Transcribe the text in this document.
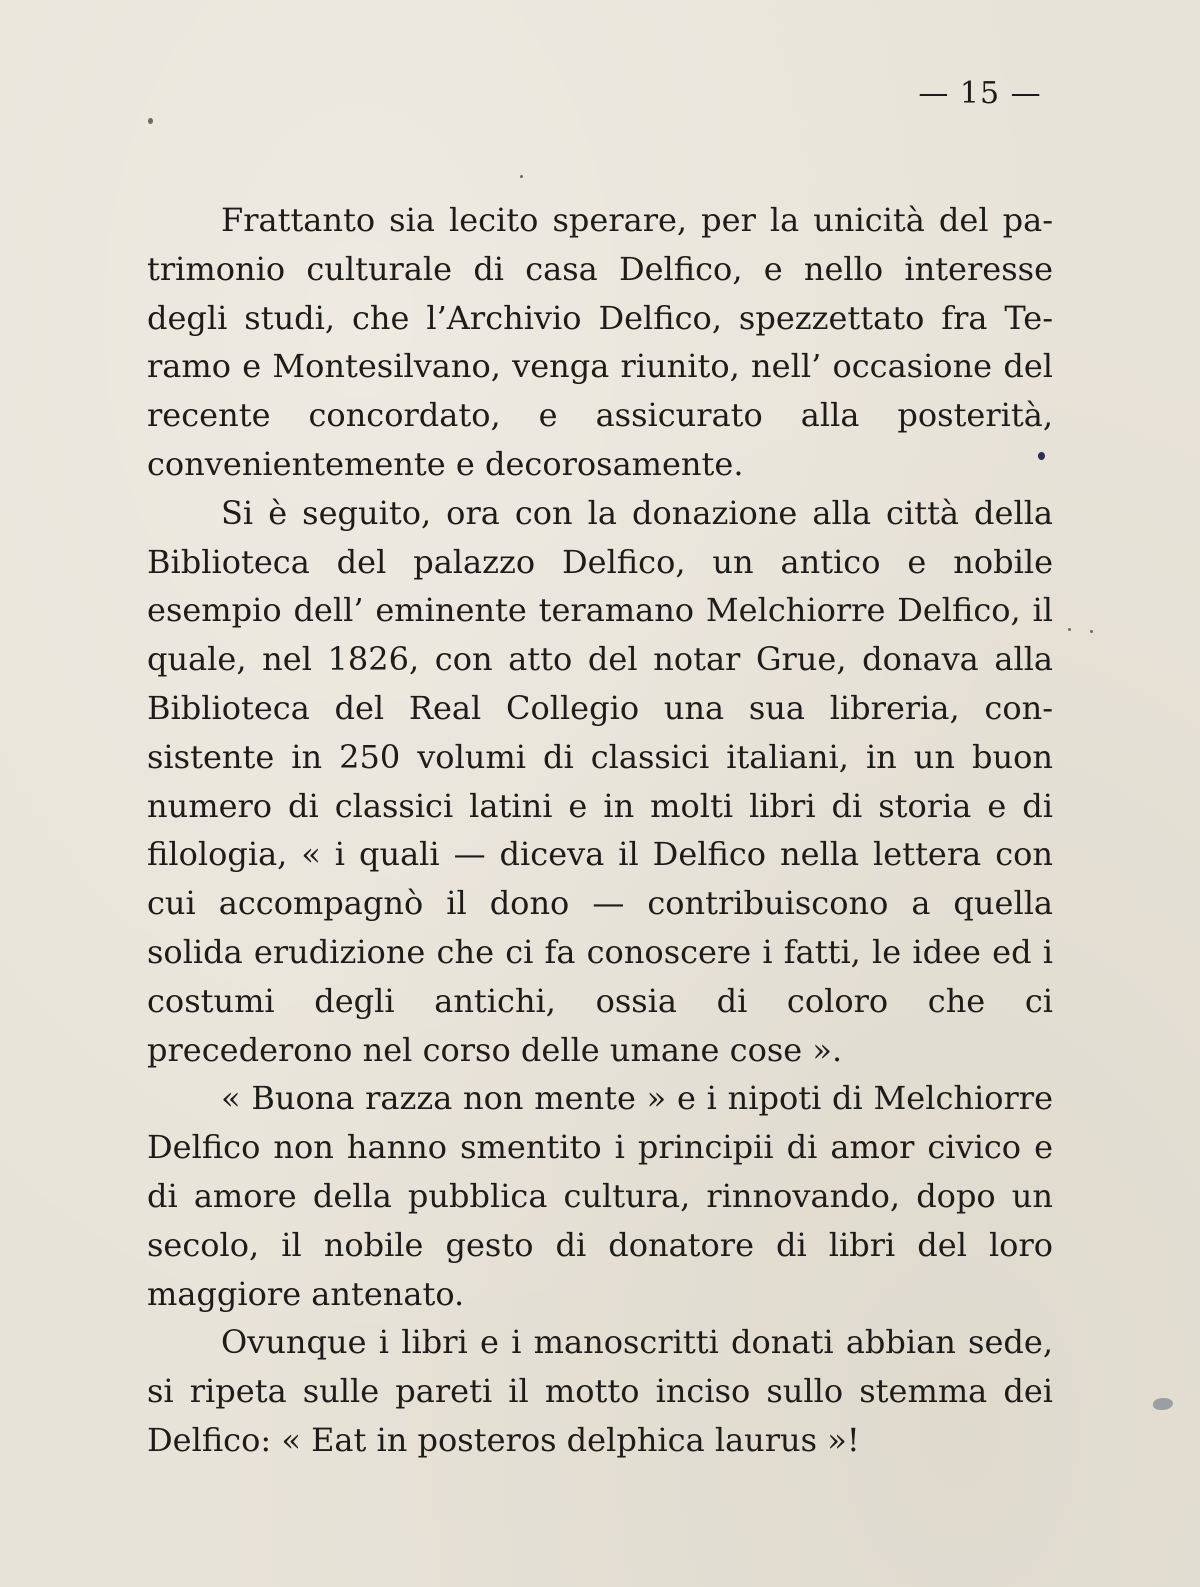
— 15 —

Frattanto sia lecito sperare, per la unicità del patrimonio culturale di casa Delfico, e nello interesse degli studi, che l’Archivio Delfico, spezzettato fra Teramo e Montesilvano, venga riunito, nell’ occasione del recente concordato, e assicurato alla posterità, convenientemente e decorosamente.

Si è seguito, ora con la donazione alla città della Biblioteca del palazzo Delfico, un antico e nobile esempio dell’ eminente teramano Melchiorre Delfico, il quale, nel 1826, con atto del notar Grue, donava alla Biblioteca del Real Collegio una sua libreria, consistente in 250 volumi di classici italiani, in un buon numero di classici latini e in molti libri di storia e di filologia, « i quali — diceva il Delfico nella lettera con cui accompagnò il dono — contribuiscono a quella solida erudizione che ci fa conoscere i fatti, le idee ed i costumi degli antichi, ossia di coloro che ci precederono nel corso delle umane cose ».

« Buona razza non mente » e i nipoti di Melchiorre Delfico non hanno smentito i principii di amor civico e di amore della pubblica cultura, rinnovando, dopo un secolo, il nobile gesto di donatore di libri del loro maggiore antenato.

Ovunque i libri e i manoscritti donati abbian sede, si ripeta sulle pareti il motto inciso sullo stemma dei Delfico: « Eat in posteros delphica laurus »!
